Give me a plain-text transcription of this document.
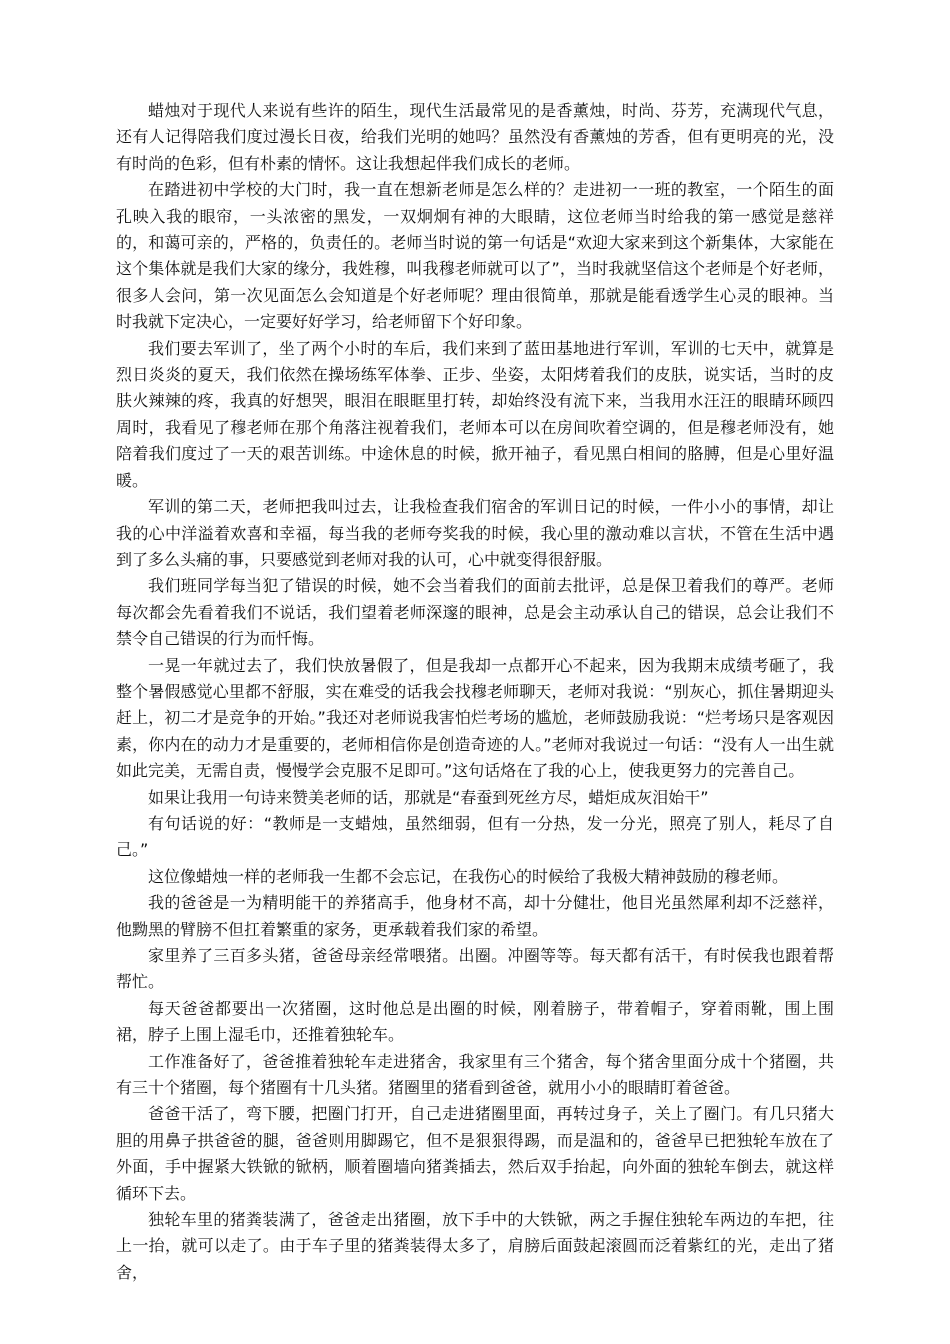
蜡烛对于现代人来说有些许的陌生，现代生活最常见的是香薰烛，时尚、芬芳，充满现代气息，还有人记得陪我们度过漫长日夜，给我们光明的她吗？虽然没有香薰烛的芳香，但有更明亮的光，没有时尚的色彩，但有朴素的情怀。这让我想起伴我们成长的老师。

在踏进初中学校的大门时，我一直在想新老师是怎么样的？走进初一一班的教室，一个陌生的面孔映入我的眼帘，一头浓密的黑发，一双炯炯有神的大眼睛，这位老师当时给我的第一感觉是慈祥的，和蔼可亲的，严格的，负责任的。老师当时说的第一句话是“欢迎大家来到这个新集体，大家能在这个集体就是我们大家的缘分，我姓穆，叫我穆老师就可以了”，当时我就坚信这个老师是个好老师，很多人会问，第一次见面怎么会知道是个好老师呢？理由很简单，那就是能看透学生心灵的眼神。当时我就下定决心，一定要好好学习，给老师留下个好印象。

我们要去军训了，坐了两个小时的车后，我们来到了蓝田基地进行军训，军训的七天中，就算是烈日炎炎的夏天，我们依然在操场练军体拳、正步、坐姿，太阳烤着我们的皮肤，说实话，当时的皮肤火辣辣的疼，我真的好想哭，眼泪在眼眶里打转，却始终没有流下来，当我用水汪汪的眼睛环顾四周时，我看见了穆老师在那个角落注视着我们，老师本可以在房间吹着空调的，但是穆老师没有，她陪着我们度过了一天的艰苦训练。中途休息的时候，掀开袖子，看见黑白相间的胳膊，但是心里好温暖。

军训的第二天，老师把我叫过去，让我检查我们宿舍的军训日记的时候，一件小小的事情，却让我的心中洋溢着欢喜和幸福，每当我的老师夸奖我的时候，我心里的激动难以言状，不管在生活中遇到了多么头痛的事，只要感觉到老师对我的认可，心中就变得很舒服。

我们班同学每当犯了错误的时候，她不会当着我们的面前去批评，总是保卫着我们的尊严。老师每次都会先看着我们不说话，我们望着老师深邃的眼神，总是会主动承认自己的错误，总会让我们不禁令自己错误的行为而忏悔。

一晃一年就过去了，我们快放暑假了，但是我却一点都开心不起来，因为我期末成绩考砸了，我整个暑假感觉心里都不舒服，实在难受的话我会找穆老师聊天，老师对我说：“别灰心，抓住暑期迎头赶上，初二才是竞争的开始。”我还对老师说我害怕烂考场的尴尬，老师鼓励我说：“烂考场只是客观因素，你内在的动力才是重要的，老师相信你是创造奇迹的人。”老师对我说过一句话：“没有人一出生就如此完美，无需自责，慢慢学会克服不足即可。”这句话烙在了我的心上，使我更努力的完善自己。

如果让我用一句诗来赞美老师的话，那就是“春蚕到死丝方尽，蜡炬成灰泪始干”

有句话说的好：“教师是一支蜡烛，虽然细弱，但有一分热，发一分光，照亮了别人，耗尽了自己。”

这位像蜡烛一样的老师我一生都不会忘记，在我伤心的时候给了我极大精神鼓励的穆老师。

我的爸爸是一为精明能干的养猪高手，他身材不高，却十分健壮，他目光虽然犀利却不泛慈祥，他黝黑的臂膀不但扛着繁重的家务，更承载着我们家的希望。

家里养了三百多头猪，爸爸母亲经常喂猪。出圈。冲圈等等。每天都有活干，有时侯我也跟着帮帮忙。

每天爸爸都要出一次猪圈，这时他总是出圈的时候，刚着膀子，带着帽子，穿着雨靴，围上围裙，脖子上围上湿毛巾，还推着独轮车。

工作准备好了，爸爸推着独轮车走进猪舍，我家里有三个猪舍，每个猪舍里面分成十个猪圈，共有三十个猪圈，每个猪圈有十几头猪。猪圈里的猪看到爸爸，就用小小的眼睛盯着爸爸。

爸爸干活了，弯下腰，把圈门打开，自己走进猪圈里面，再转过身子，关上了圈门。有几只猪大胆的用鼻子拱爸爸的腿，爸爸则用脚踢它，但不是狠狠得踢，而是温和的，爸爸早已把独轮车放在了外面，手中握紧大铁锨的锨柄，顺着圈墙向猪粪插去，然后双手抬起，向外面的独轮车倒去，就这样循环下去。

独轮车里的猪粪装满了，爸爸走出猪圈，放下手中的大铁锨，两之手握住独轮车两边的车把，往上一抬，就可以走了。由于车子里的猪粪装得太多了，肩膀后面鼓起滚圆而泛着紫红的光，走出了猪舍，
